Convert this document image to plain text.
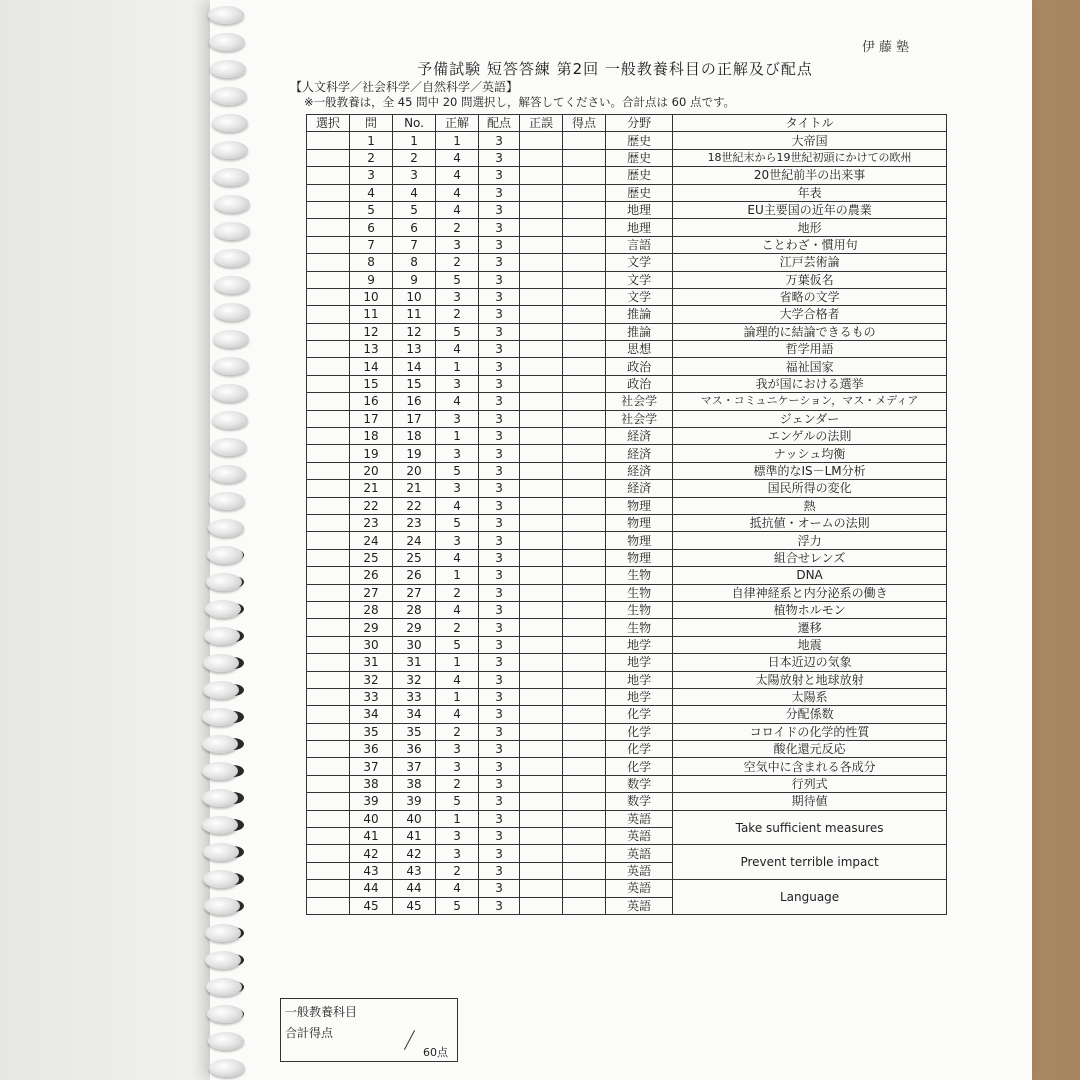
伊藤塾
予備試験 短答答練 第2回 一般教養科目の正解及び配点
【人文科学／社会科学／自然科学／英語】
※一般教養は，全 45 問中 20 問選択し，解答してください。合計点は 60 点です。
選択	問	No.	正解	配点	正誤	得点	分野	タイトル
	1	1	1	3			歴史	大帝国
	2	2	4	3			歴史	18世紀末から19世紀初頭にかけての欧州
	3	3	4	3			歴史	20世紀前半の出来事
	4	4	4	3			歴史	年表
	5	5	4	3			地理	EU主要国の近年の農業
	6	6	2	3			地理	地形
	7	7	3	3			言語	ことわざ・慣用句
	8	8	2	3			文学	江戸芸術論
	9	9	5	3			文学	万葉仮名
	10	10	3	3			文学	省略の文学
	11	11	2	3			推論	大学合格者
	12	12	5	3			推論	論理的に結論できるもの
	13	13	4	3			思想	哲学用語
	14	14	1	3			政治	福祉国家
	15	15	3	3			政治	我が国における選挙
	16	16	4	3			社会学	マス・コミュニケーション，マス・メディア
	17	17	3	3			社会学	ジェンダー
	18	18	1	3			経済	エンゲルの法則
	19	19	3	3			経済	ナッシュ均衡
	20	20	5	3			経済	標準的なIS－LM分析
	21	21	3	3			経済	国民所得の変化
	22	22	4	3			物理	熱
	23	23	5	3			物理	抵抗値・オームの法則
	24	24	3	3			物理	浮力
	25	25	4	3			物理	組合せレンズ
	26	26	1	3			生物	DNA
	27	27	2	3			生物	自律神経系と内分泌系の働き
	28	28	4	3			生物	植物ホルモン
	29	29	2	3			生物	遷移
	30	30	5	3			地学	地震
	31	31	1	3			地学	日本近辺の気象
	32	32	4	3			地学	太陽放射と地球放射
	33	33	1	3			地学	太陽系
	34	34	4	3			化学	分配係数
	35	35	2	3			化学	コロイドの化学的性質
	36	36	3	3			化学	酸化還元反応
	37	37	3	3			化学	空気中に含まれる各成分
	38	38	2	3			数学	行列式
	39	39	5	3			数学	期待値
	40	40	1	3			英語	Take sufficient measures
	41	41	3	3			英語	
	42	42	3	3			英語	Prevent terrible impact
	43	43	2	3			英語	
	44	44	4	3			英語	Language
	45	45	5	3			英語	
一般教養科目
合計得点
60点
